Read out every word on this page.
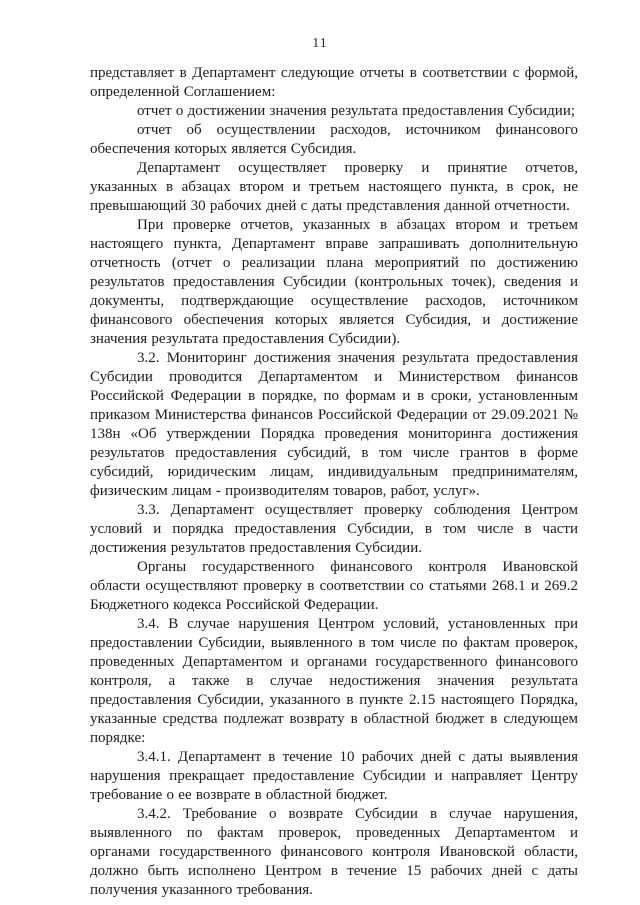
11

представляет в Департамент следующие отчеты в соответствии с формой, определенной Соглашением:

отчет о достижении значения результата предоставления Субсидии;

отчет об осуществлении расходов, источником финансового обеспечения которых является Субсидия.

Департамент осуществляет проверку и принятие отчетов, указанных в абзацах втором и третьем настоящего пункта, в срок, не превышающий 30 рабочих дней с даты представления данной отчетности.

При проверке отчетов, указанных в абзацах втором и третьем настоящего пункта, Департамент вправе запрашивать дополнительную отчетность (отчет о реализации плана мероприятий по достижению результатов предоставления Субсидии (контрольных точек), сведения и документы, подтверждающие осуществление расходов, источником финансового обеспечения которых является Субсидия, и достижение значения результата предоставления Субсидии).

3.2. Мониторинг достижения значения результата предоставления Субсидии проводится Департаментом и Министерством финансов Российской Федерации в порядке, по формам и в сроки, установленным приказом Министерства финансов Российской Федерации от 29.09.2021 № 138н «Об утверждении Порядка проведения мониторинга достижения результатов предоставления субсидий, в том числе грантов в форме субсидий, юридическим лицам, индивидуальным предпринимателям, физическим лицам - производителям товаров, работ, услуг».

3.3. Департамент осуществляет проверку соблюдения Центром условий и порядка предоставления Субсидии, в том числе в части достижения результатов предоставления Субсидии.

Органы государственного финансового контроля Ивановской области осуществляют проверку в соответствии со статьями 268.1 и 269.2 Бюджетного кодекса Российской Федерации.

3.4. В случае нарушения Центром условий, установленных при предоставлении Субсидии, выявленного в том числе по фактам проверок, проведенных Департаментом и органами государственного финансового контроля, а также в случае недостижения значения результата предоставления Субсидии, указанного в пункте 2.15 настоящего Порядка, указанные средства подлежат возврату в областной бюджет в следующем порядке:

3.4.1. Департамент в течение 10 рабочих дней с даты выявления нарушения прекращает предоставление Субсидии и направляет Центру требование о ее возврате в областной бюджет.

3.4.2. Требование о возврате Субсидии в случае нарушения, выявленного по фактам проверок, проведенных Департаментом и органами государственного финансового контроля Ивановской области, должно быть исполнено Центром в течение 15 рабочих дней с даты получения указанного требования.
